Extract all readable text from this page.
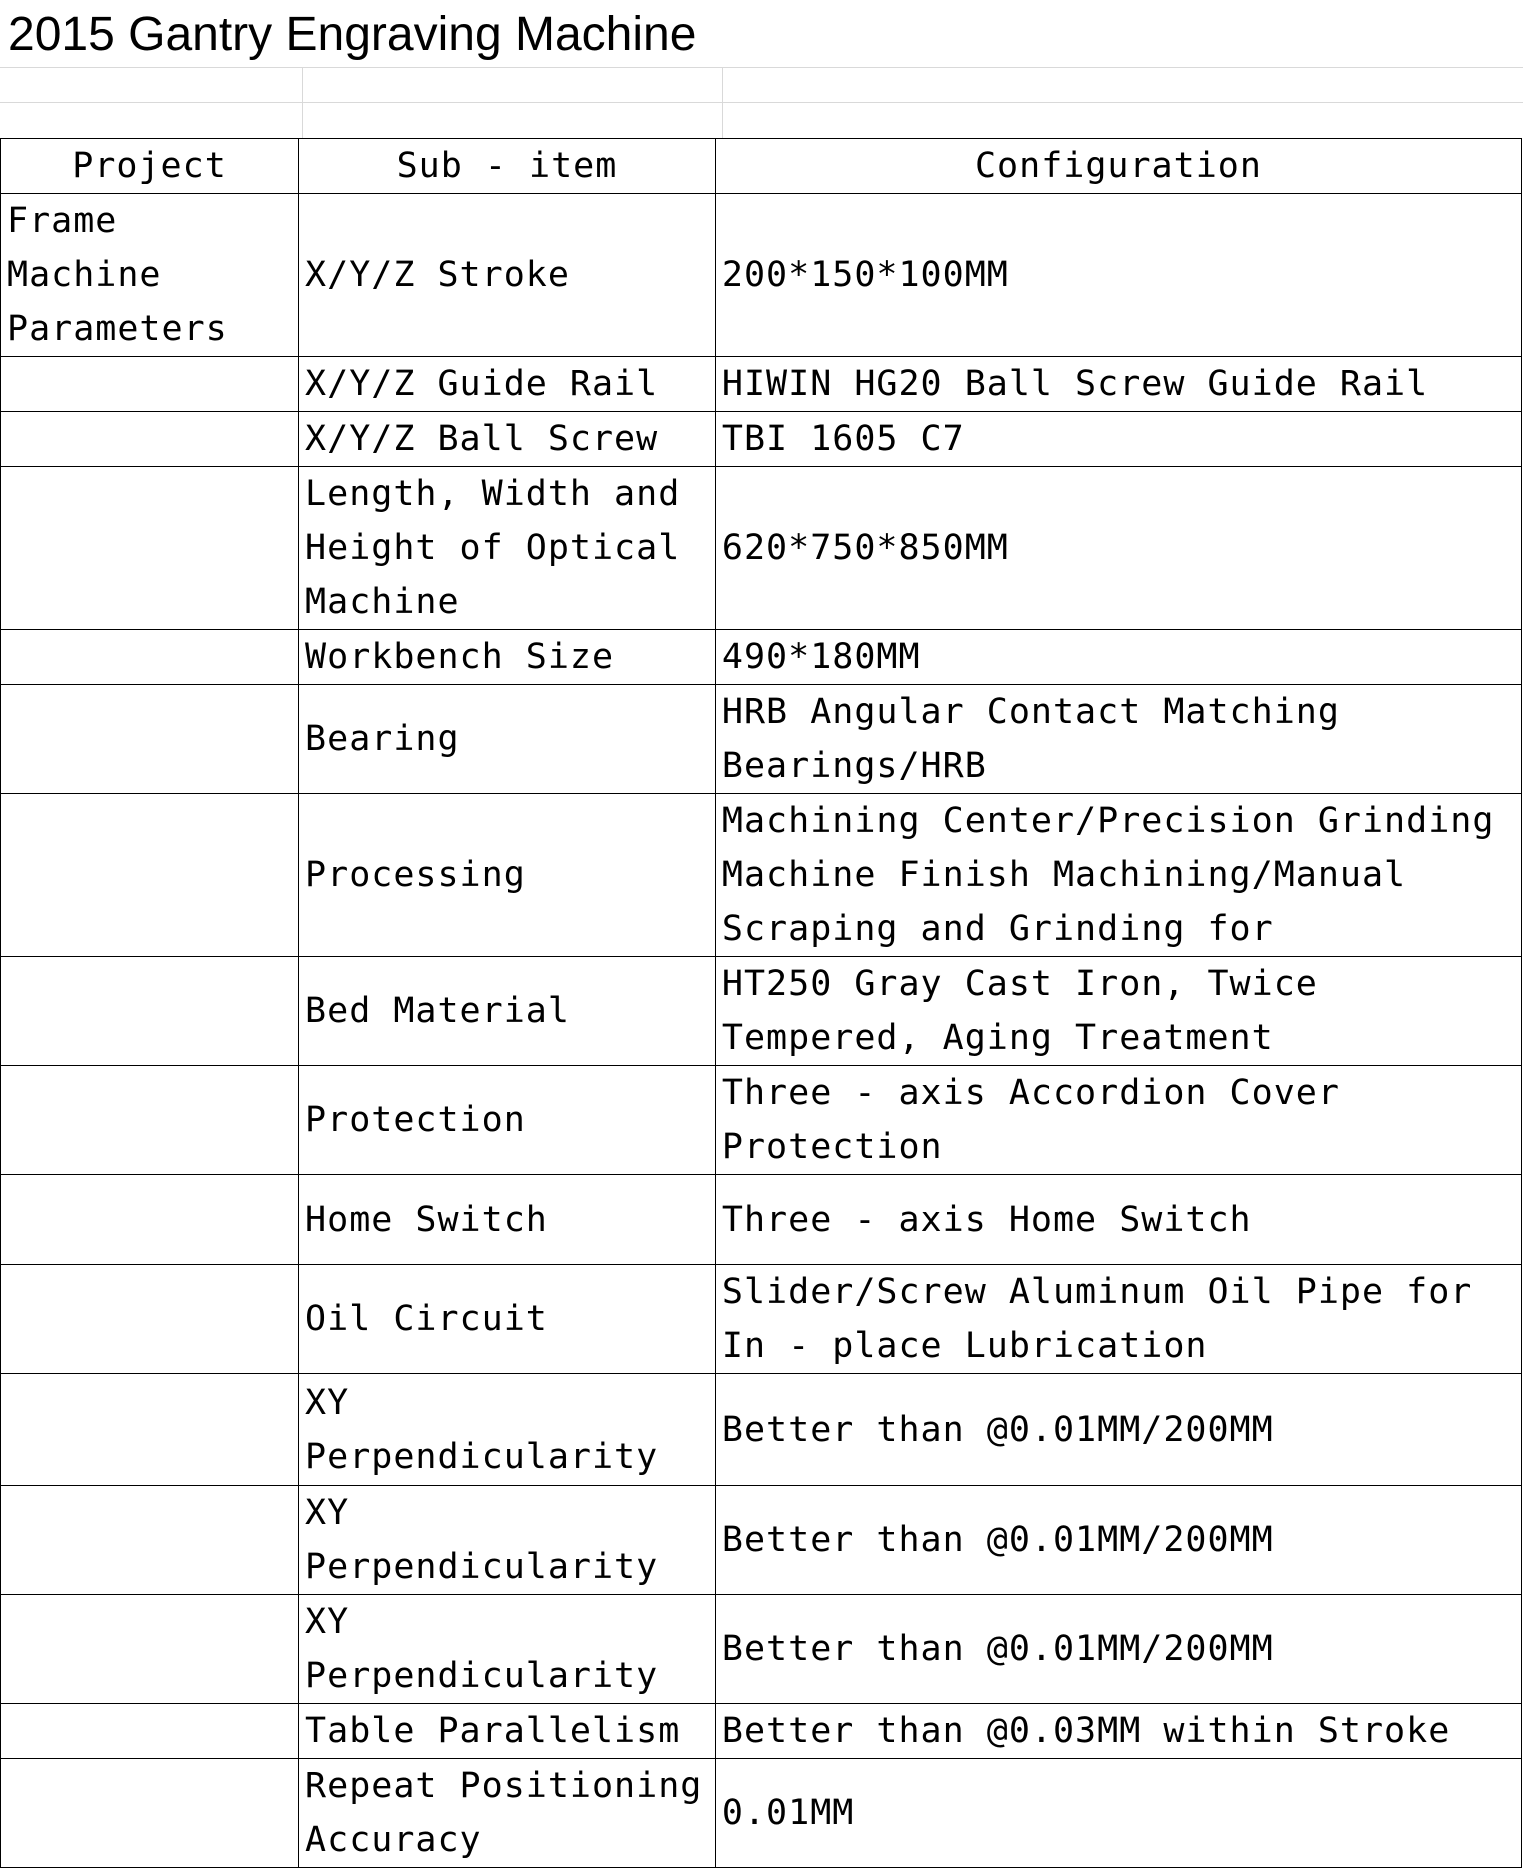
2015 Gantry Engraving Machine
Project	Sub - item	Configuration
Frame Machine Parameters	X/Y/Z Stroke	200*150*100MM
	X/Y/Z Guide Rail	HIWIN HG20 Ball Screw Guide Rail
	X/Y/Z Ball Screw	TBI 1605 C7
	Length, Width and Height of Optical Machine	620*750*850MM
	Workbench Size	490*180MM
	Bearing	HRB Angular Contact Matching Bearings/HRB
	Processing	Machining Center/Precision Grinding Machine Finish Machining/Manual Scraping and Grinding for
	Bed Material	HT250 Gray Cast Iron, Twice Tempered, Aging Treatment
	Protection	Three - axis Accordion Cover Protection
	Home Switch	Three - axis Home Switch
	Oil Circuit	Slider/Screw Aluminum Oil Pipe for In - place Lubrication
	XY Perpendicularity	Better than @0.01MM/200MM
	XY Perpendicularity	Better than @0.01MM/200MM
	XY Perpendicularity	Better than @0.01MM/200MM
	Table Parallelism	Better than @0.03MM within Stroke
	Repeat Positioning Accuracy	0.01MM
